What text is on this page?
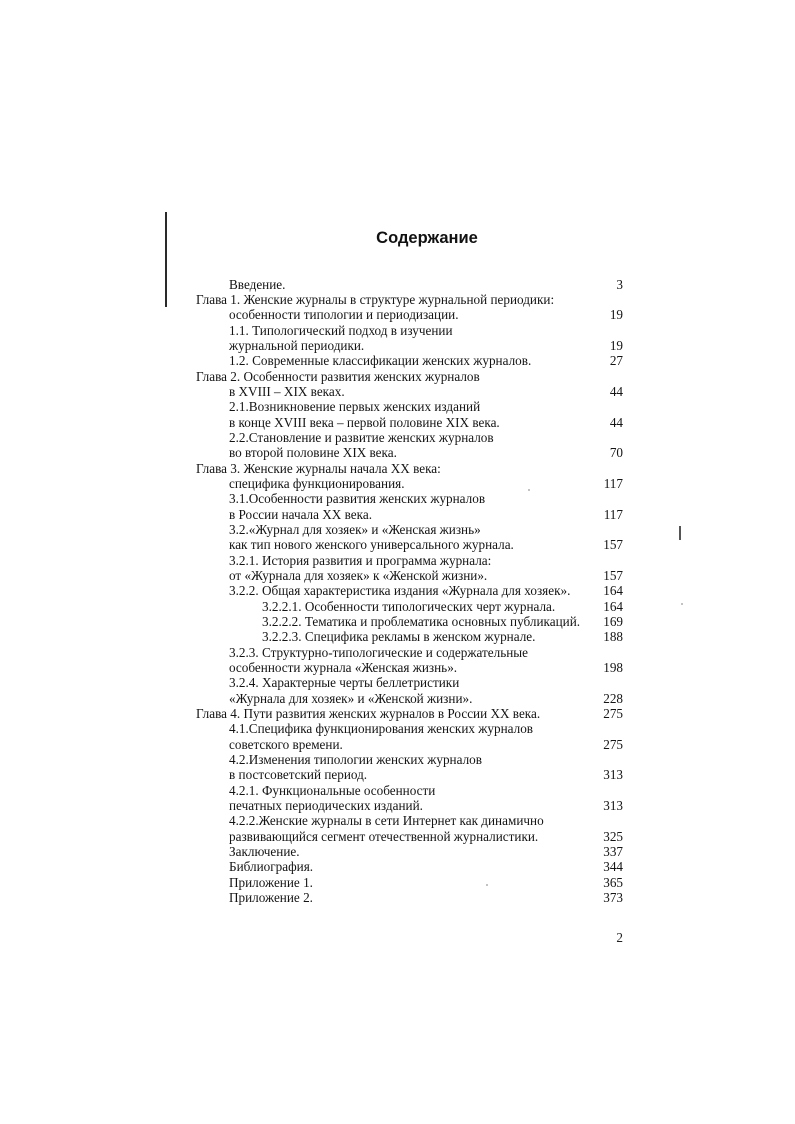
Содержание
Введение.	3
Глава 1. Женские журналы в структуре журнальной периодики:
особенности типологии и периодизации.	19
1.1. Типологический подход в изучении
журнальной периодики.	19
1.2. Современные классификации женских журналов.	27
Глава 2. Особенности развития женских журналов
в XVIII – XIX веках.	44
2.1.Возникновение первых женских изданий
в конце XVIII века – первой половине XIX века.	44
2.2.Становление и развитие женских журналов
во второй половине XIX века.	70
Глава 3. Женские журналы начала XX века:
специфика функционирования.	117
3.1.Особенности развития женских журналов
в России начала XX века.	117
3.2.«Журнал для хозяек» и «Женская жизнь»
как тип нового женского универсального журнала.	157
3.2.1. История развития и программа журнала:
от «Журнала для хозяек» к «Женской жизни».	157
3.2.2. Общая характеристика издания «Журнала для хозяек». 164
3.2.2.1. Особенности типологических черт журнала.	164
3.2.2.2. Тематика и проблематика основных публикаций. 169
3.2.2.3. Специфика рекламы в женском журнале.	188
3.2.3. Структурно-типологические и содержательные
особенности журнала «Женская жизнь».	198
3.2.4. Характерные черты беллетристики
«Журнала для хозяек» и «Женской жизни».	228
Глава 4. Пути развития женских журналов в России XX века.	275
4.1.Специфика функционирования женских журналов
советского времени.	275
4.2.Изменения типологии женских журналов
в постсоветский период.	313
4.2.1. Функциональные особенности
печатных периодических изданий.	313
4.2.2.Женские журналы в сети Интернет как динамично
развивающийся сегмент отечественной журналистики.	325
Заключение.	337
Библиография.	344
Приложение 1.	365
Приложение 2.	373
2
